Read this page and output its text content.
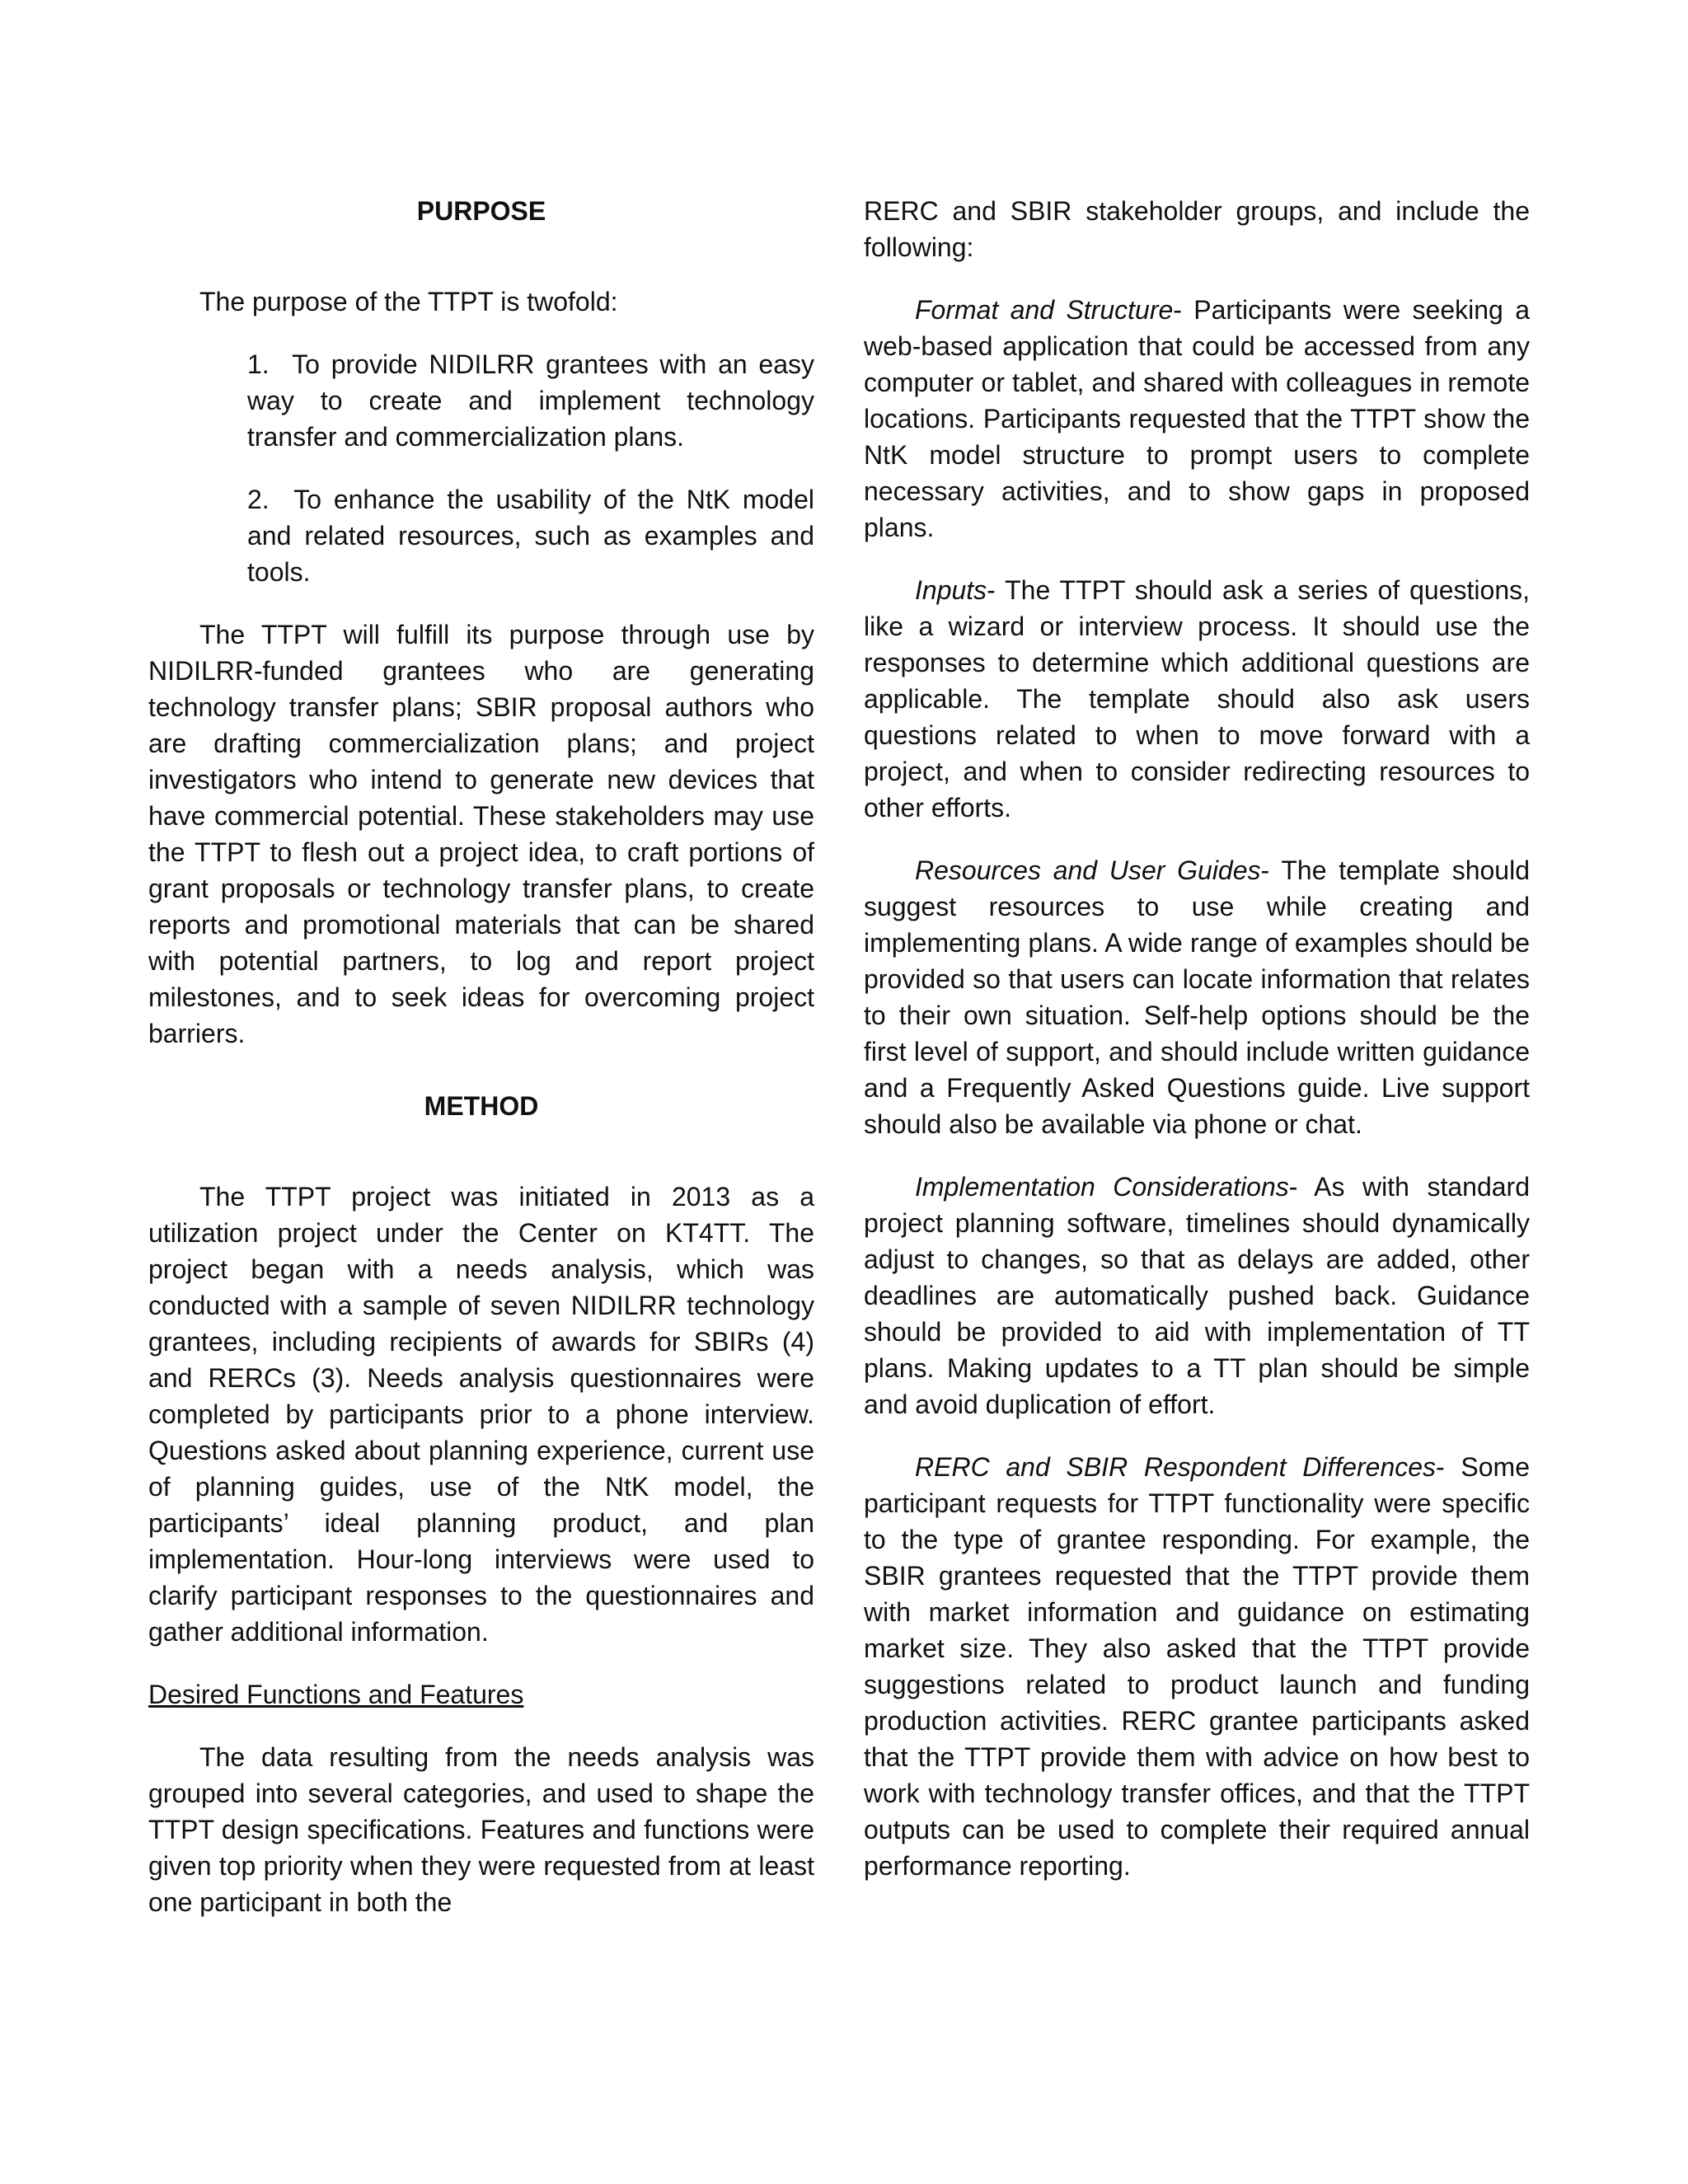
PURPOSE

The purpose of the TTPT is twofold:

1. To provide NIDILRR grantees with an easy way to create and implement technology transfer and commercialization plans.

2. To enhance the usability of the NtK model and related resources, such as examples and tools.

The TTPT will fulfill its purpose through use by NIDILRR-funded grantees who are generating technology transfer plans; SBIR proposal authors who are drafting commercialization plans; and project investigators who intend to generate new devices that have commercial potential. These stakeholders may use the TTPT to flesh out a project idea, to craft portions of grant proposals or technology transfer plans, to create reports and promotional materials that can be shared with potential partners, to log and report project milestones, and to seek ideas for overcoming project barriers.

METHOD

The TTPT project was initiated in 2013 as a utilization project under the Center on KT4TT. The project began with a needs analysis, which was conducted with a sample of seven NIDILRR technology grantees, including recipients of awards for SBIRs (4) and RERCs (3). Needs analysis questionnaires were completed by participants prior to a phone interview. Questions asked about planning experience, current use of planning guides, use of the NtK model, the participants’ ideal planning product, and plan implementation. Hour-long interviews were used to clarify participant responses to the questionnaires and gather additional information.

Desired Functions and Features

The data resulting from the needs analysis was grouped into several categories, and used to shape the TTPT design specifications. Features and functions were given top priority when they were requested from at least one participant in both the

RERC and SBIR stakeholder groups, and include the following:

Format and Structure- Participants were seeking a web-based application that could be accessed from any computer or tablet, and shared with colleagues in remote locations. Participants requested that the TTPT show the NtK model structure to prompt users to complete necessary activities, and to show gaps in proposed plans.

Inputs- The TTPT should ask a series of questions, like a wizard or interview process. It should use the responses to determine which additional questions are applicable. The template should also ask users questions related to when to move forward with a project, and when to consider redirecting resources to other efforts.

Resources and User Guides- The template should suggest resources to use while creating and implementing plans. A wide range of examples should be provided so that users can locate information that relates to their own situation. Self-help options should be the first level of support, and should include written guidance and a Frequently Asked Questions guide. Live support should also be available via phone or chat.

Implementation Considerations- As with standard project planning software, timelines should dynamically adjust to changes, so that as delays are added, other deadlines are automatically pushed back. Guidance should be provided to aid with implementation of TT plans. Making updates to a TT plan should be simple and avoid duplication of effort.

RERC and SBIR Respondent Differences- Some participant requests for TTPT functionality were specific to the type of grantee responding. For example, the SBIR grantees requested that the TTPT provide them with market information and guidance on estimating market size. They also asked that the TTPT provide suggestions related to product launch and funding production activities. RERC grantee participants asked that the TTPT provide them with advice on how best to work with technology transfer offices, and that the TTPT outputs can be used to complete their required annual performance reporting.
